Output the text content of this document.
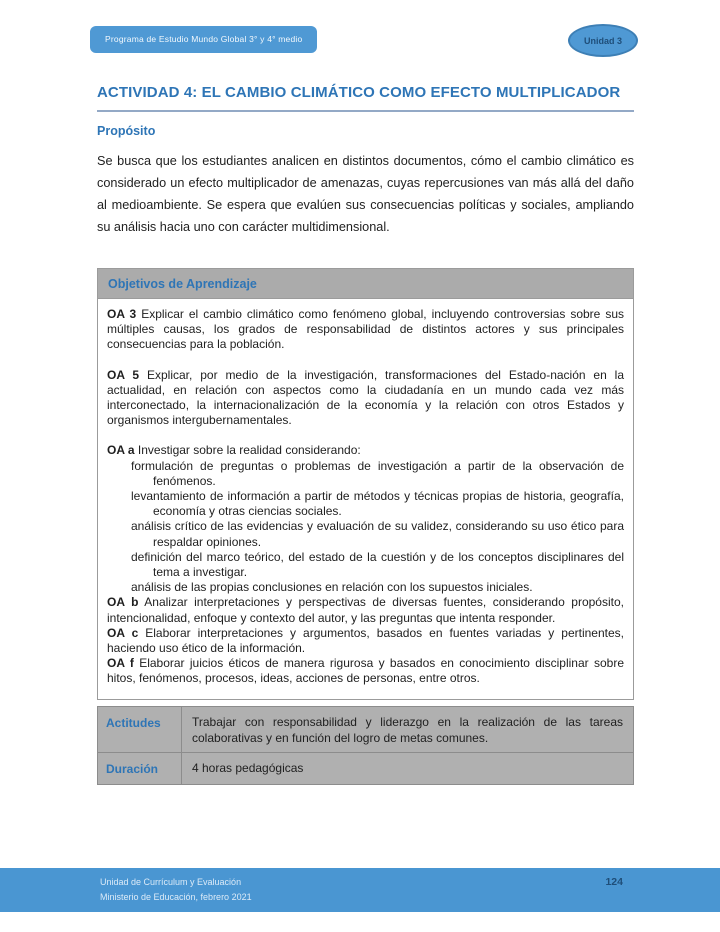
Programa de Estudio Mundo Global 3° y 4° medio	Unidad 3
ACTIVIDAD 4: EL CAMBIO CLIMÁTICO COMO EFECTO MULTIPLICADOR
Propósito

Se busca que los estudiantes analicen en distintos documentos, cómo el cambio climático es considerado un efecto multiplicador de amenazas, cuyas repercusiones van más allá del daño al medioambiente. Se espera que evalúen sus consecuencias políticas y sociales, ampliando su análisis hacia uno con carácter multidimensional.

Objetivos de Aprendizaje

OA 3 Explicar el cambio climático como fenómeno global, incluyendo controversias sobre sus múltiples causas, los grados de responsabilidad de distintos actores y sus principales consecuencias para la población.

OA 5 Explicar, por medio de la investigación, transformaciones del Estado-nación en la actualidad, en relación con aspectos como la ciudadanía en un mundo cada vez más interconectado, la internacionalización de la economía y la relación con otros Estados y organismos intergubernamentales.

OA a Investigar sobre la realidad considerando:

formulación de preguntas o problemas de investigación a partir de la observación de fenómenos.

levantamiento de información a partir de métodos y técnicas propias de historia, geografía, economía y otras ciencias sociales.

análisis crítico de las evidencias y evaluación de su validez, considerando su uso ético para respaldar opiniones.

definición del marco teórico, del estado de la cuestión y de los conceptos disciplinares del tema a investigar.

análisis de las propias conclusiones en relación con los supuestos iniciales.

OA b Analizar interpretaciones y perspectivas de diversas fuentes, considerando propósito, intencionalidad, enfoque y contexto del autor, y las preguntas que intenta responder.

OA c Elaborar interpretaciones y argumentos, basados en fuentes variadas y pertinentes, haciendo uso ético de la información.

OA f Elaborar juicios éticos de manera rigurosa y basados en conocimiento disciplinar sobre hitos, fenómenos, procesos, ideas, acciones de personas, entre otros.

Actitudes	Trabajar con responsabilidad y liderazgo en la realización de las tareas colaborativas y en función del logro de metas comunes.
Duración	4 horas pedagógicas
Unidad de Currículum y Evaluación
Ministerio de Educación, febrero 2021
124
